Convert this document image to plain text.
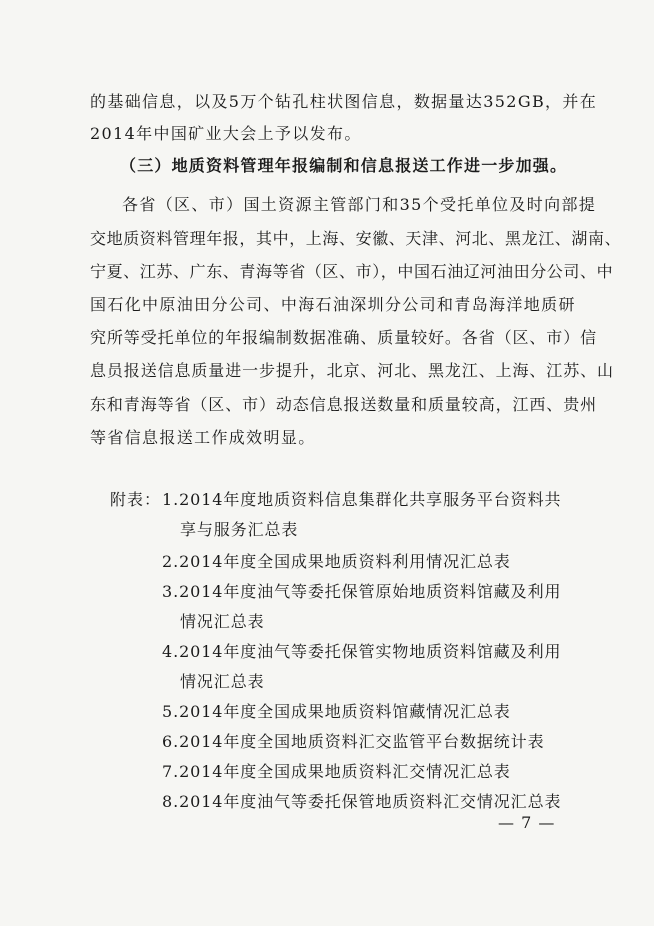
的基础信息，以及5万个钻孔柱状图信息，数据量达352GB，并在
2014年中国矿业大会上予以发布。
（三）地质资料管理年报编制和信息报送工作进一步加强。
各省（区、市）国土资源主管部门和35个受托单位及时向部提
交地质资料管理年报，其中，上海、安徽、天津、河北、黑龙江、湖南、
宁夏、江苏、广东、青海等省（区、市），中国石油辽河油田分公司、中
国石化中原油田分公司、中海石油深圳分公司和青岛海洋地质研
究所等受托单位的年报编制数据准确、质量较好。各省（区、市）信
息员报送信息质量进一步提升，北京、河北、黑龙江、上海、江苏、山
东和青海等省（区、市）动态信息报送数量和质量较高，江西、贵州
等省信息报送工作成效明显。
附表： 1.2014年度地质资料信息集群化共享服务平台资料共
享与服务汇总表
2.2014年度全国成果地质资料利用情况汇总表
3.2014年度油气等委托保管原始地质资料馆藏及利用
情况汇总表
4.2014年度油气等委托保管实物地质资料馆藏及利用
情况汇总表
5.2014年度全国成果地质资料馆藏情况汇总表
6.2014年度全国地质资料汇交监管平台数据统计表
7.2014年度全国成果地质资料汇交情况汇总表
8.2014年度油气等委托保管地质资料汇交情况汇总表
— 7 —
